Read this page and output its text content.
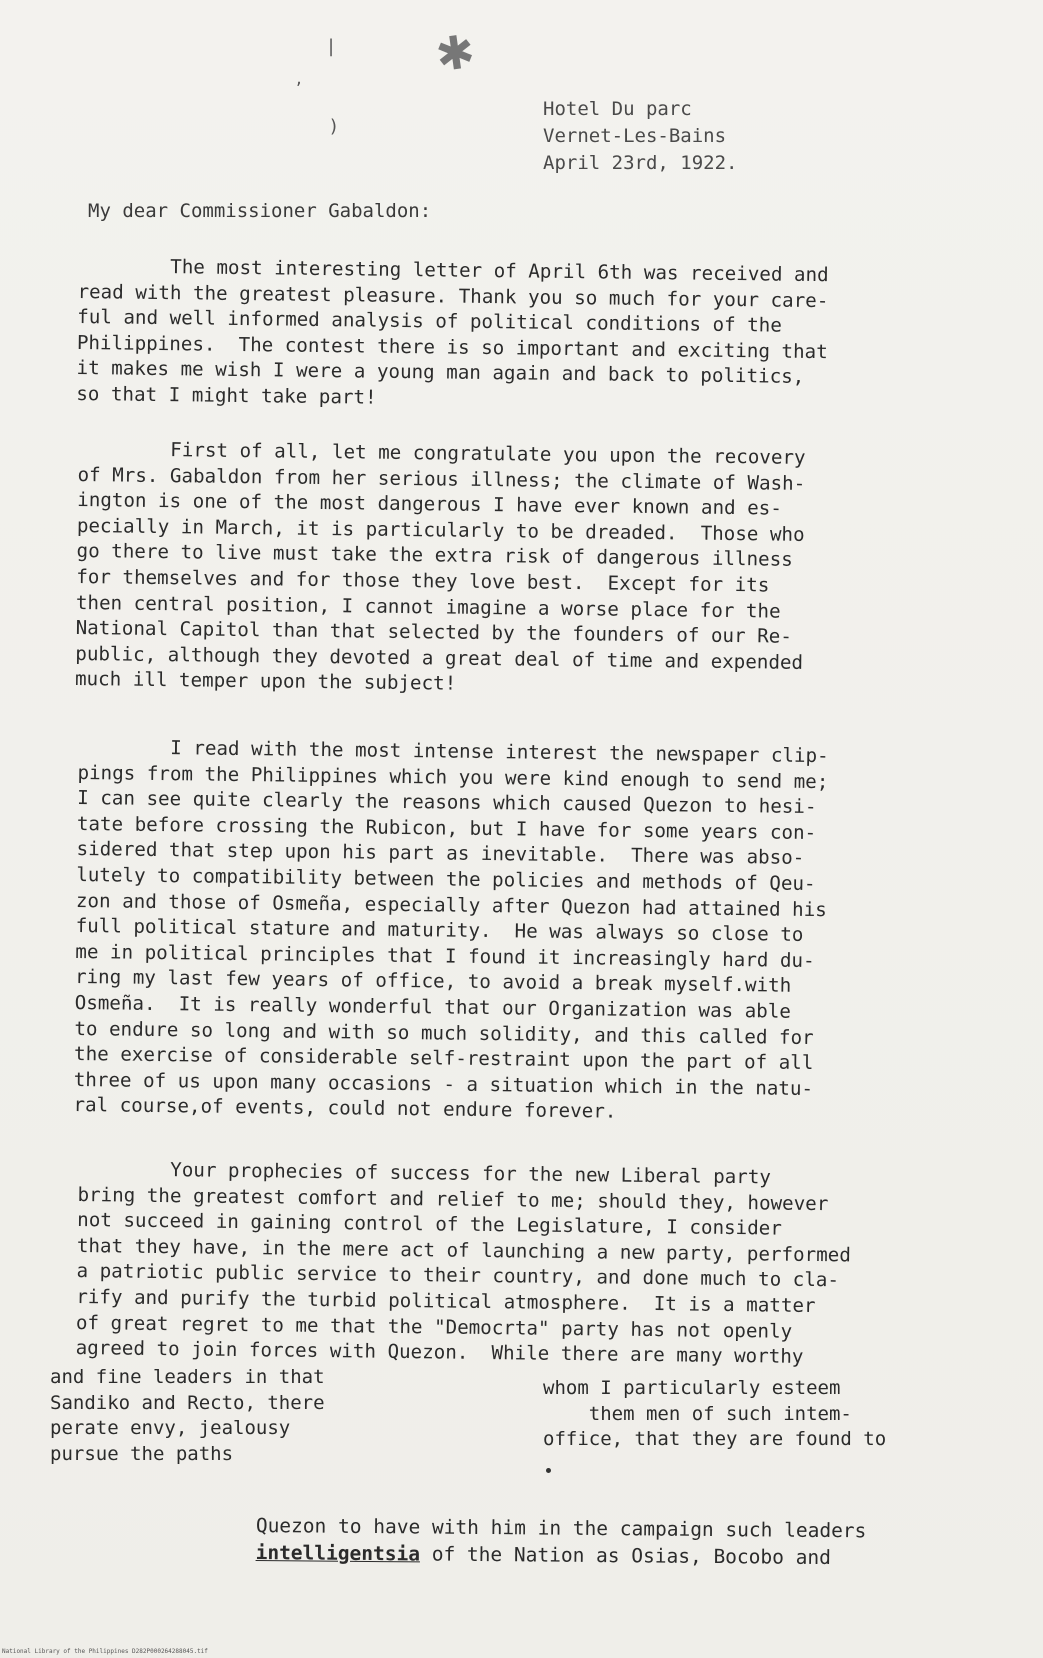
✱
|
,
)
Hotel Du parc
Vernet-Les-Bains
April 23rd, 1922.
My dear Commissioner Gabaldon:
The most interesting letter of April 6th was received and
read with the greatest pleasure. Thank you so much for your care-
ful and well informed analysis of political conditions of the
Philippines.  The contest there is so important and exciting that
it makes me wish I were a young man again and back to politics,
so that I might take part!
First of all, let me congratulate you upon the recovery
of Mrs. Gabaldon from her serious illness; the climate of Wash-
ington is one of the most dangerous I have ever known and es-
pecially in March, it is particularly to be dreaded.  Those who
go there to live must take the extra risk of dangerous illness
for themselves and for those they love best.  Except for its
then central position, I cannot imagine a worse place for the
National Capitol than that selected by the founders of our Re-
public, although they devoted a great deal of time and expended
much ill temper upon the subject!
I read with the most intense interest the newspaper clip-
pings from the Philippines which you were kind enough to send me;
I can see quite clearly the reasons which caused Quezon to hesi-
tate before crossing the Rubicon, but I have for some years con-
sidered that step upon his part as inevitable.  There was abso-
lutely to compatibility between the policies and methods of Qeu-
zon and those of Osmeña, especially after Quezon had attained his
full political stature and maturity.  He was always so close to
me in political principles that I found it increasingly hard du-
ring my last few years of office, to avoid a break myself.with
Osmeña.  It is really wonderful that our Organization was able
to endure so long and with so much solidity, and this called for
the exercise of considerable self-restraint upon the part of all
three of us upon many occasions - a situation which in the natu-
ral course,of events, could not endure forever.
Your prophecies of success for the new Liberal party
bring the greatest comfort and relief to me; should they, however
not succeed in gaining control of the Legislature, I consider
that they have, in the mere act of launching a new party, performed
a patriotic public service to their country, and done much to cla-
rify and purify the turbid political atmosphere.  It is a matter
of great regret to me that the "Democrta" party has not openly
agreed to join forces with Quezon.  While there are many worthy
and fine leaders in that
Sandiko and Recto, there
perate envy, jealousy
pursue the paths
whom I particularly esteem
them men of such intem-
office, that they are found to
Quezon to have with him in the campaign such leaders
intelligentsia of the Nation as Osias, Bocobo and
National Library of the Philippines D282P000264288045.tif
